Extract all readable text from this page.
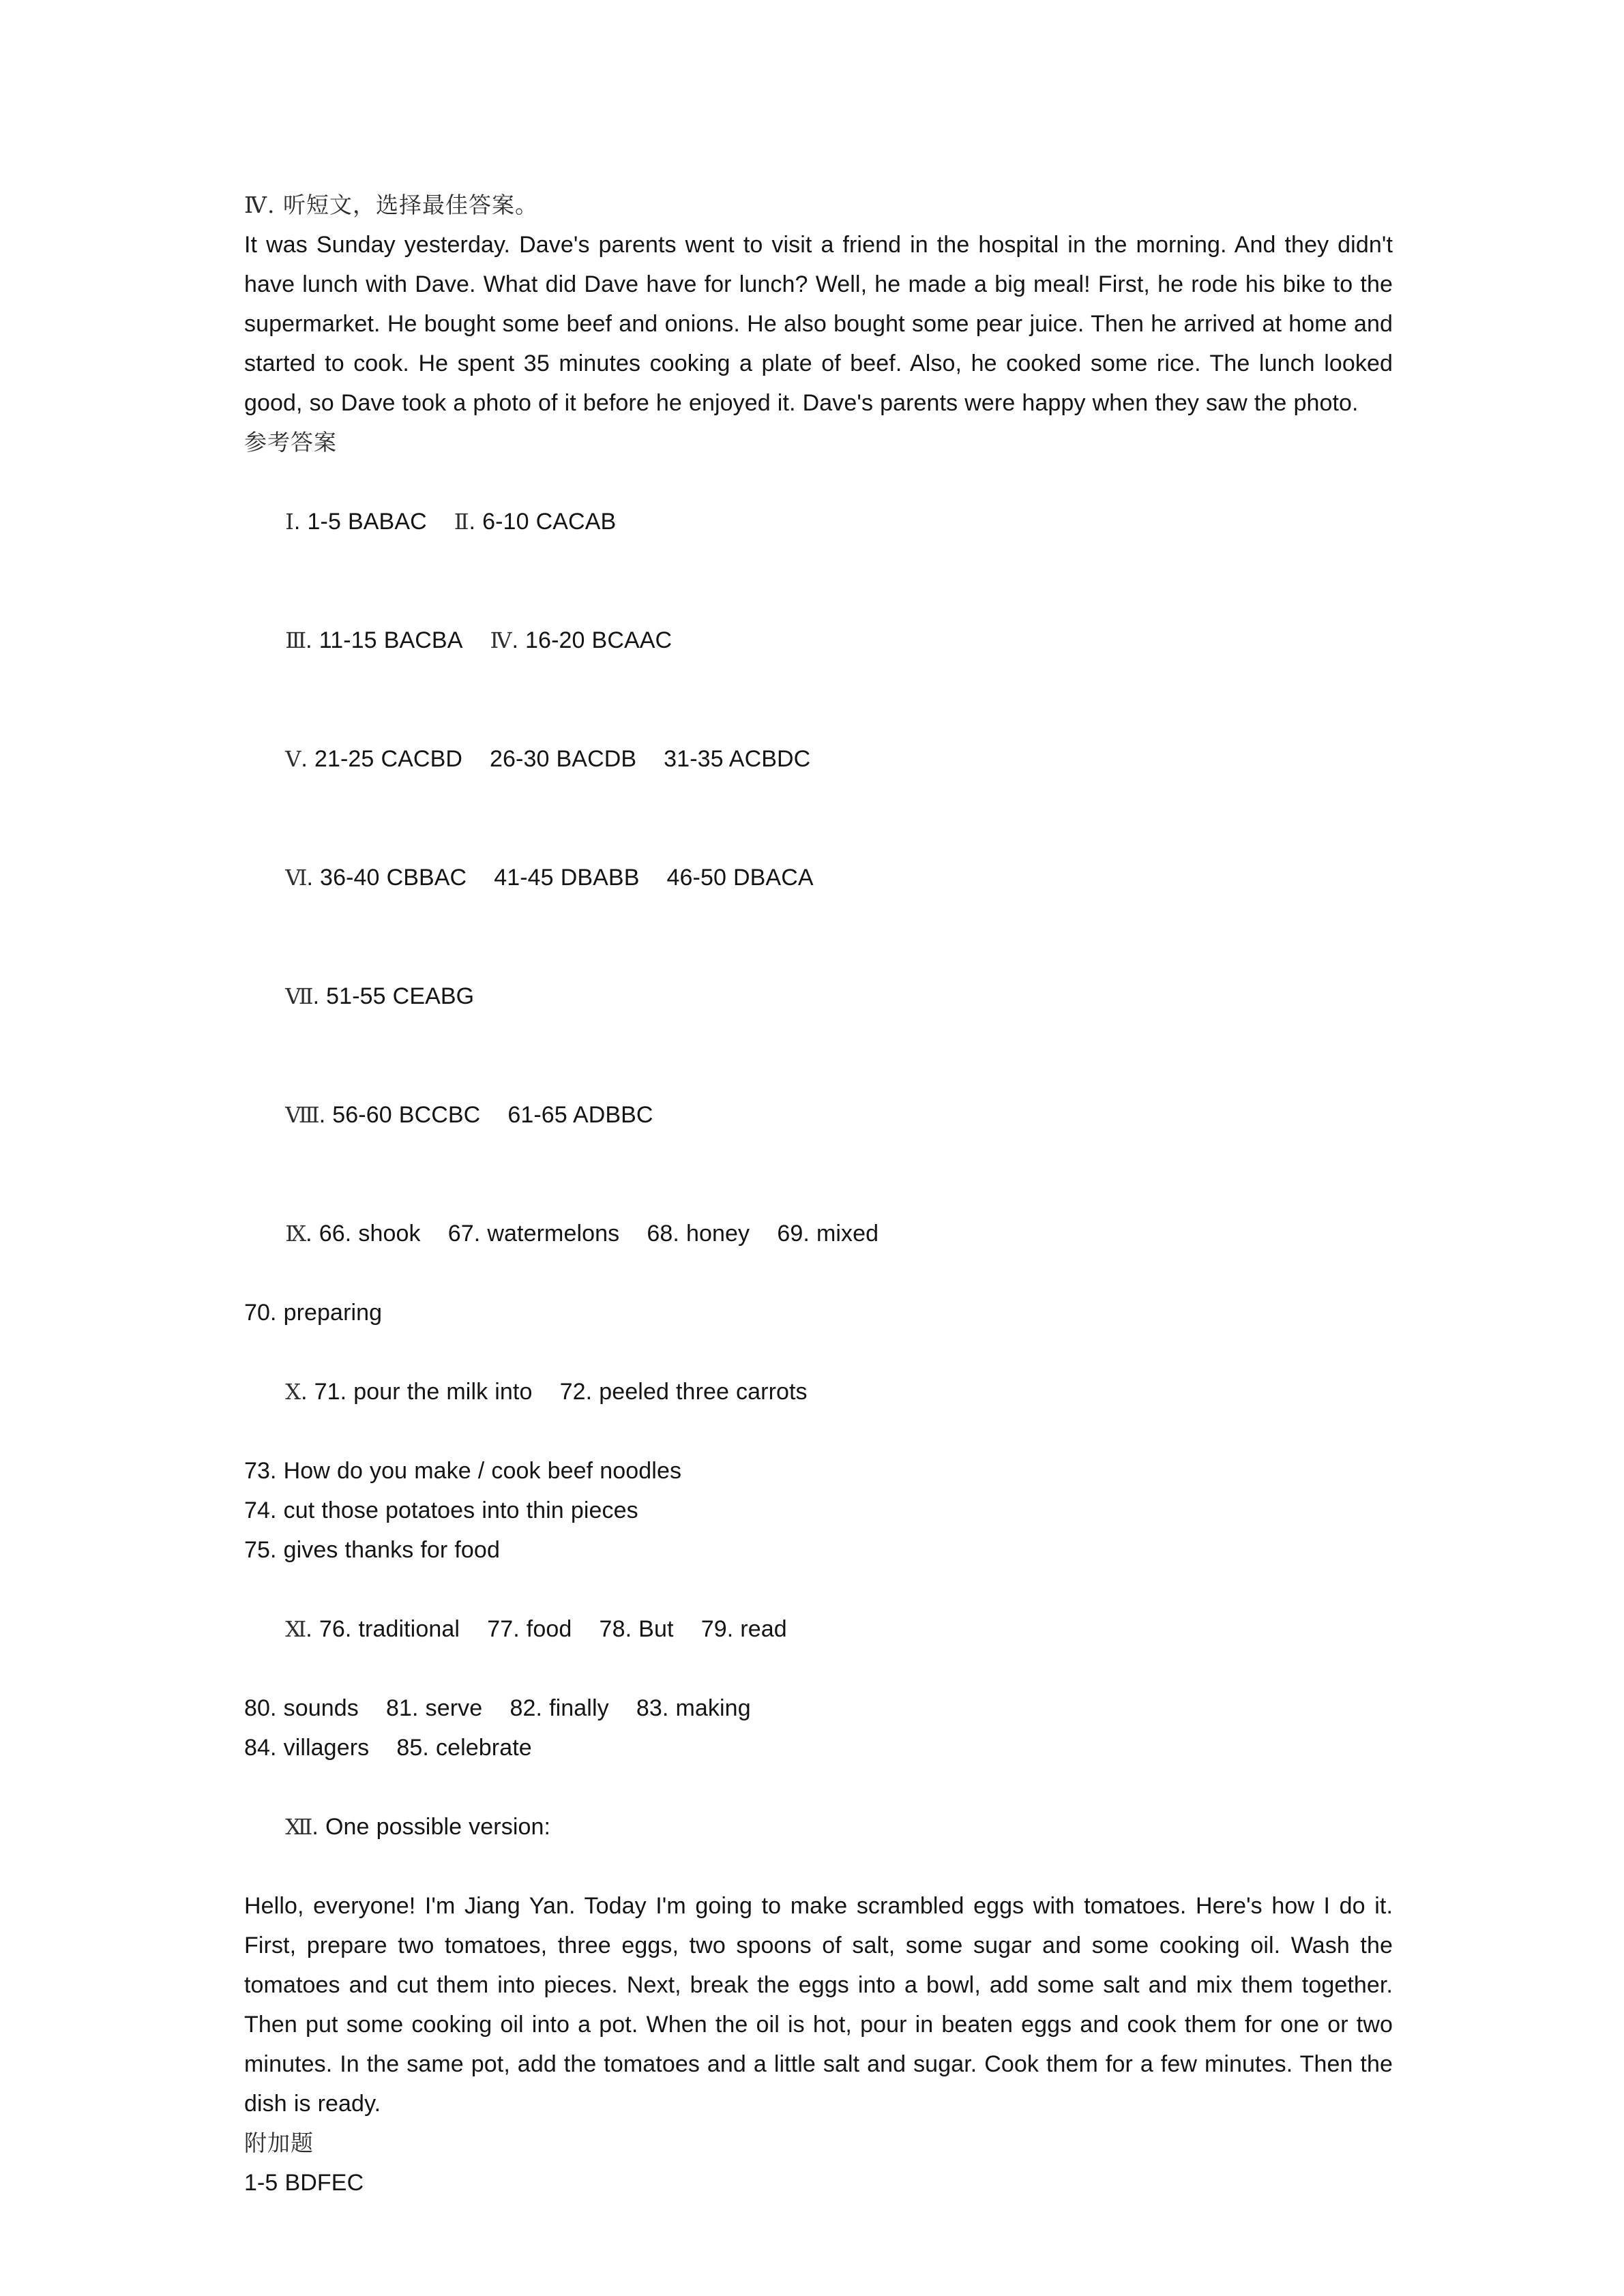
Ⅳ. 听短文，选择最佳答案。

It was Sunday yesterday. Dave's parents went to visit a friend in the hospital in the morning. And they didn't have lunch with Dave. What did Dave have for lunch? Well, he made a big meal! First, he rode his bike to the supermarket. He bought some beef and onions. He also bought some pear juice. Then he arrived at home and started to cook. He spent 35 minutes cooking a plate of beef. Also, he cooked some rice. The lunch looked good, so Dave took a photo of it before he enjoyed it. Dave's parents were happy when they saw the photo.

参考答案

Ⅰ. 1-5 BABAC Ⅱ. 6-10 CACAB

Ⅲ. 11-15 BACBA Ⅳ. 16-20 BCAAC

Ⅴ. 21-25 CACBD 26-30 BACDB 31-35 ACBDC

Ⅵ. 36-40 CBBAC 41-45 DBABB 46-50 DBACA

Ⅶ. 51-55 CEABG

Ⅷ. 56-60 BCCBC 61-65 ADBBC

Ⅸ. 66. shook    67. watermelons    68. honey    69. mixed

70. preparing

Ⅹ. 71. pour the milk into    72. peeled three carrots

73. How do you make / cook beef noodles
74. cut those potatoes into thin pieces
75. gives thanks for food

Ⅺ. 76. traditional    77. food    78. But    79. read

80. sounds    81. serve    82. finally    83. making
84. villagers    85. celebrate

Ⅻ. One possible version:

Hello, everyone! I'm Jiang Yan. Today I'm going to make scrambled eggs with tomatoes. Here's how I do it. First, prepare two tomatoes, three eggs, two spoons of salt, some sugar and some cooking oil. Wash the tomatoes and cut them into pieces. Next, break the eggs into a bowl, add some salt and mix them together. Then put some cooking oil into a pot. When the oil is hot, pour in beaten eggs and cook them for one or two minutes. In the same pot, add the tomatoes and a little salt and sugar. Cook them for a few minutes. Then the dish is ready.

附加题
1-5 BDFEC
